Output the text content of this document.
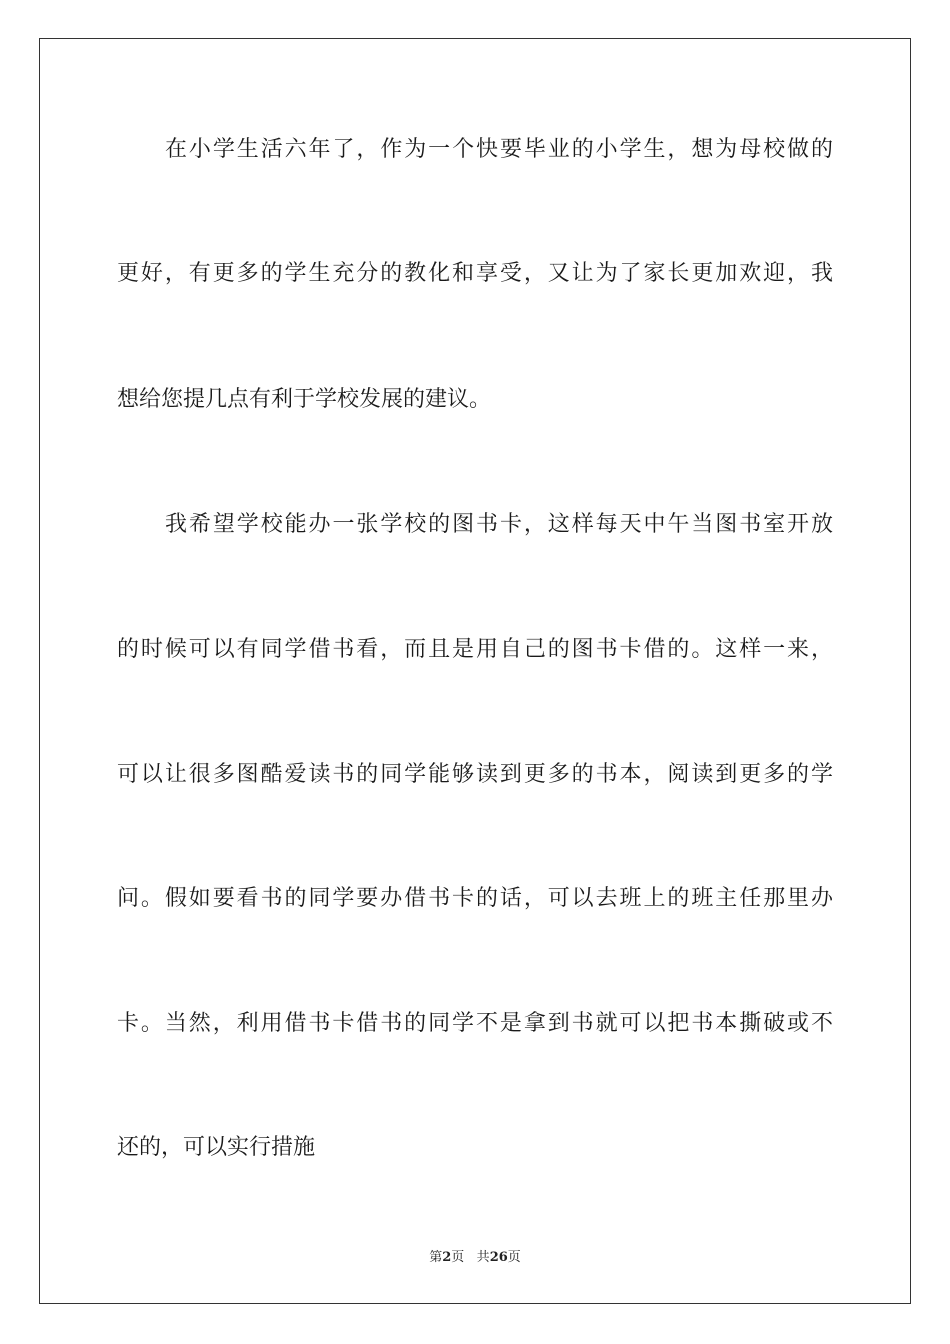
在小学生活六年了，作为一个快要毕业的小学生，想为母校做的
更好，有更多的学生充分的教化和享受，又让为了家长更加欢迎，我
想给您提几点有利于学校发展的建议。
我希望学校能办一张学校的图书卡，这样每天中午当图书室开放
的时候可以有同学借书看，而且是用自己的图书卡借的。这样一来，
可以让很多图酷爱读书的同学能够读到更多的书本，阅读到更多的学
问。假如要看书的同学要办借书卡的话，可以去班上的班主任那里办
卡。当然，利用借书卡借书的同学不是拿到书就可以把书本撕破或不
还的，可以实行措施
第2页 共26页
